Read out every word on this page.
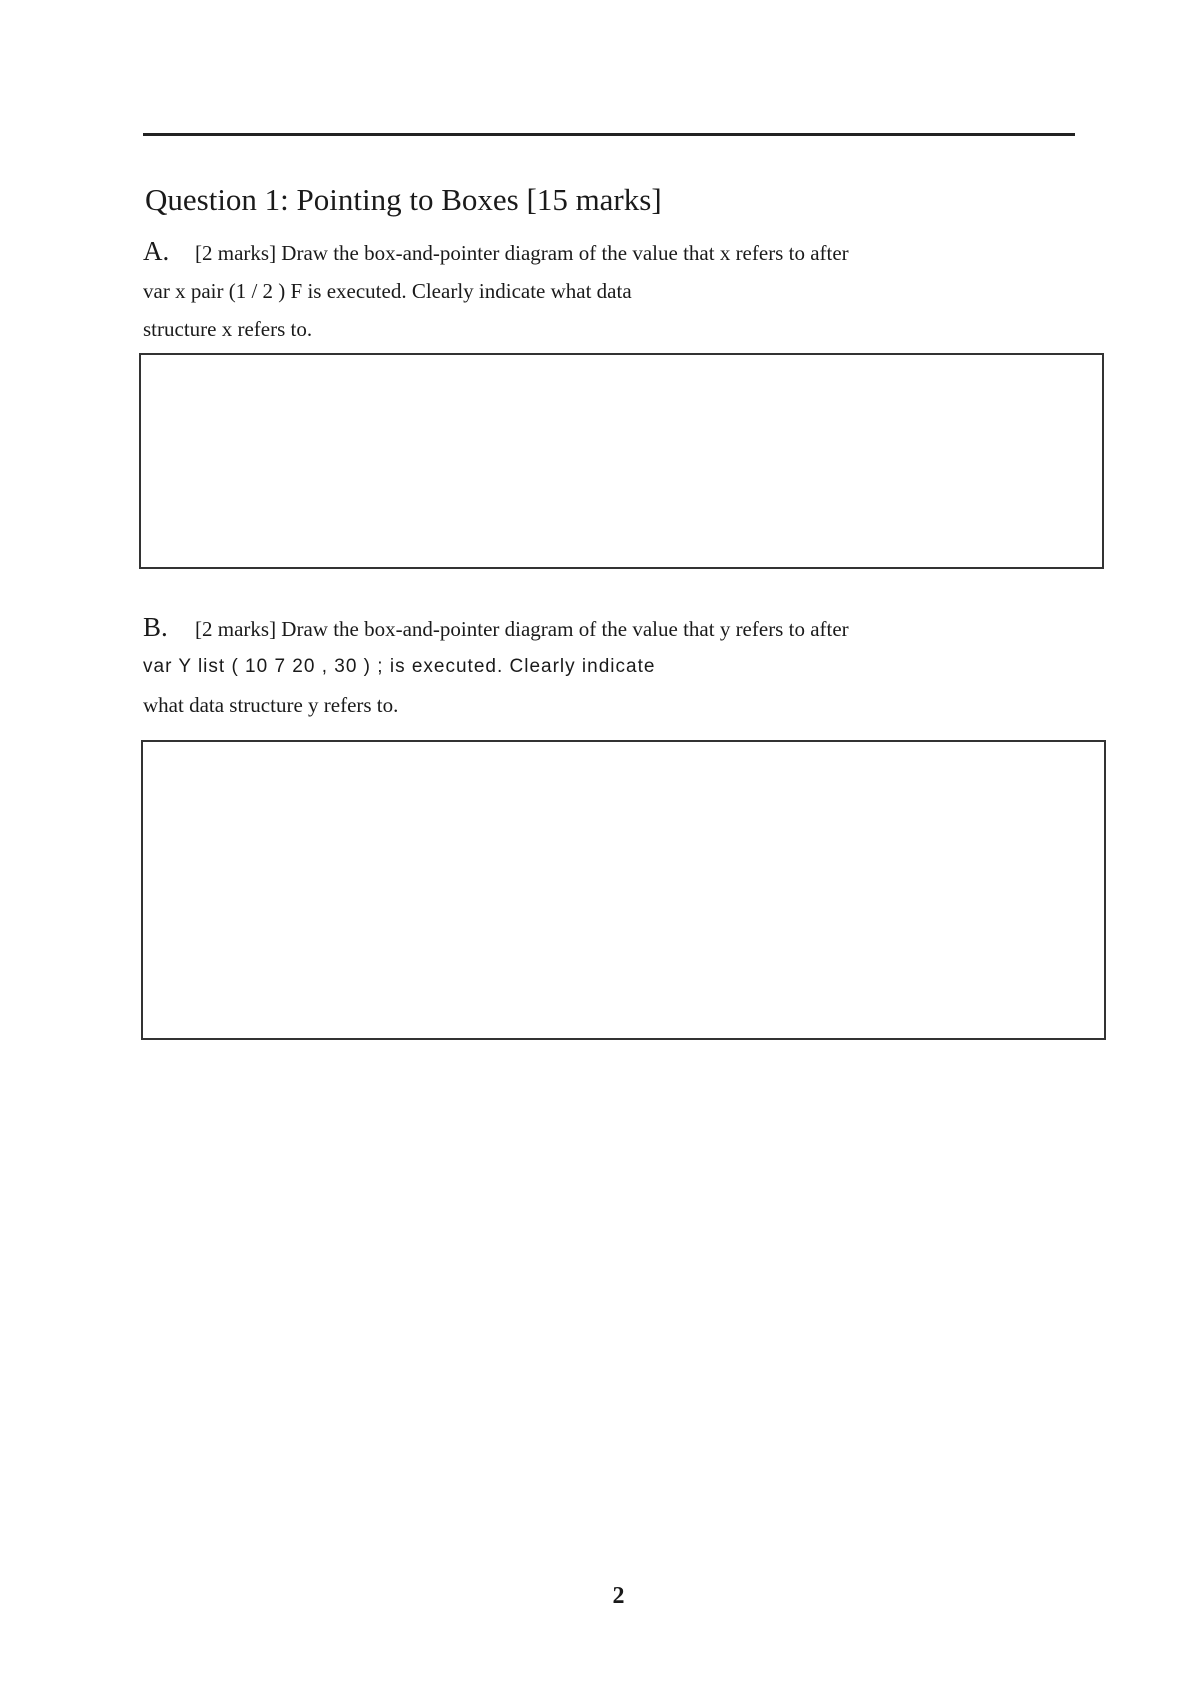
Question 1: Pointing to Boxes [15 marks]
A. [2 marks] Draw the box-and-pointer diagram of the value that x refers to after
var x pair (1 / 2 ) F is executed. Clearly indicate what data
structure x refers to.
B. [2 marks] Draw the box-and-pointer diagram of the value that y refers to after
var Y list ( 10 7 20 , 30 ) ; is executed. Clearly indicate
what data structure y refers to.
2
